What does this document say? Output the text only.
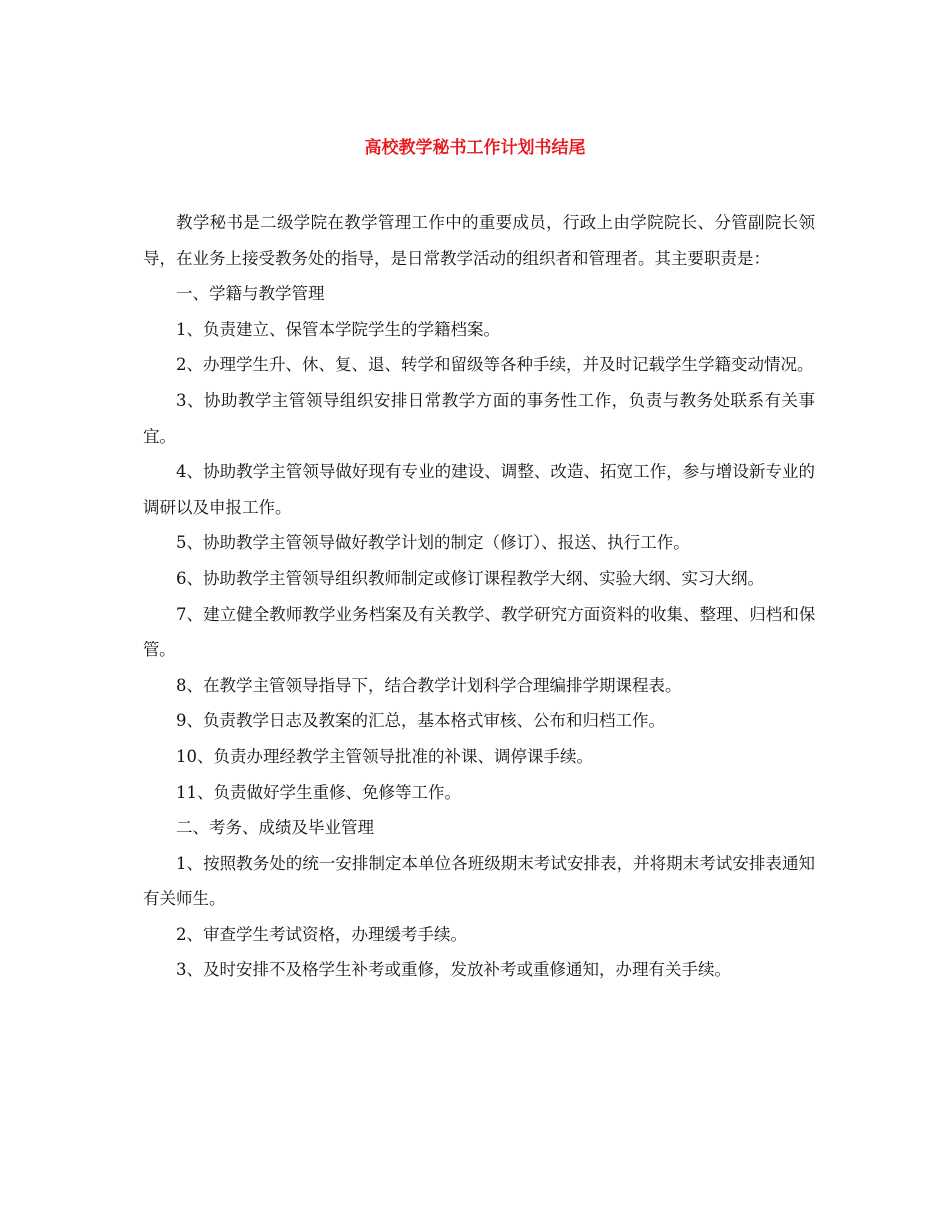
高校教学秘书工作计划书结尾

教学秘书是二级学院在教学管理工作中的重要成员，行政上由学院院长、分管副院长领导，在业务上接受教务处的指导，是日常教学活动的组织者和管理者。其主要职责是：

一、学籍与教学管理

1、负责建立、保管本学院学生的学籍档案。

2、办理学生升、休、复、退、转学和留级等各种手续，并及时记载学生学籍变动情况。

3、协助教学主管领导组织安排日常教学方面的事务性工作，负责与教务处联系有关事宜。

4、协助教学主管领导做好现有专业的建设、调整、改造、拓宽工作，参与增设新专业的调研以及申报工作。

5、协助教学主管领导做好教学计划的制定（修订）、报送、执行工作。

6、协助教学主管领导组织教师制定或修订课程教学大纲、实验大纲、实习大纲。

7、建立健全教师教学业务档案及有关教学、教学研究方面资料的收集、整理、归档和保管。

8、在教学主管领导指导下，结合教学计划科学合理编排学期课程表。

9、负责教学日志及教案的汇总，基本格式审核、公布和归档工作。

10、负责办理经教学主管领导批准的补课、调停课手续。

11、负责做好学生重修、免修等工作。

二、考务、成绩及毕业管理

1、按照教务处的统一安排制定本单位各班级期末考试安排表，并将期末考试安排表通知有关师生。

2、审查学生考试资格，办理缓考手续。

3、及时安排不及格学生补考或重修，发放补考或重修通知，办理有关手续。
